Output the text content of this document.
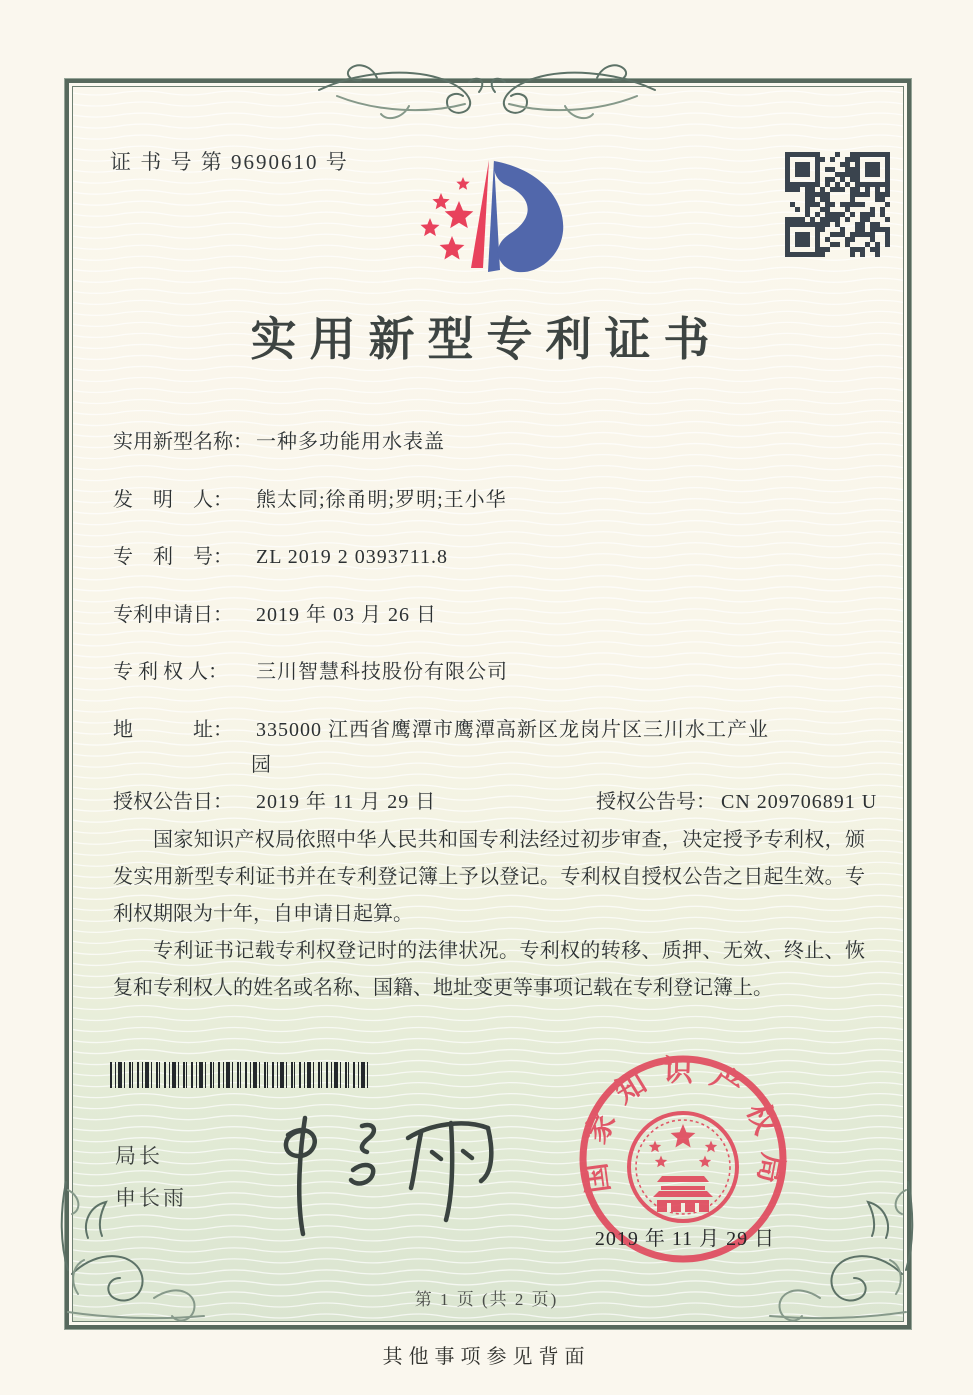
证 书 号 第 9690610 号
实用新型专利证书
实用新型名称： 一种多功能用水表盖
发　明　人： 熊太同;徐甬明;罗明;王小华
专　利　号： ZL 2019 2 0393711.8
专利申请日： 2019 年 03 月 26 日
专 利 权 人： 三川智慧科技股份有限公司
地　　　址： 335000 江西省鹰潭市鹰潭高新区龙岗片区三川水工产业
园
授权公告日： 2019 年 11 月 29 日	授权公告号： CN 209706891 U

国家知识产权局依照中华人民共和国专利法经过初步审查，决定授予专利权，颁发实用新型专利证书并在专利登记簿上予以登记。专利权自授权公告之日起生效。专利权期限为十年，自申请日起算。

专利证书记载专利权登记时的法律状况。专利权的转移、质押、无效、终止、恢复和专利权人的姓名或名称、国籍、地址变更等事项记载在专利登记簿上。

局长
申长雨
国家知识产权局
2019 年 11 月 29 日
第 1 页 (共 2 页)
其他事项参见背面
